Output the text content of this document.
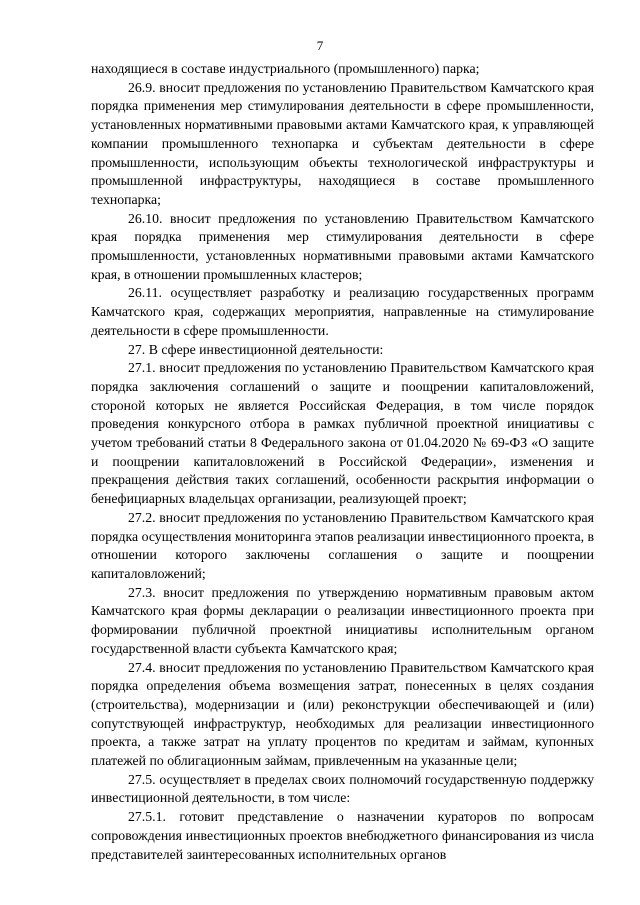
7

находящиеся в составе индустриального (промышленного) парка;

26.9. вносит предложения по установлению Правительством Камчатского края порядка применения мер стимулирования деятельности в сфере промышленности, установленных нормативными правовыми актами Камчатского края, к управляющей компании промышленного технопарка и субъектам деятельности в сфере промышленности, использующим объекты технологической инфраструктуры и промышленной инфраструктуры, находящиеся в составе промышленного технопарка;

26.10. вносит предложения по установлению Правительством Камчатского края порядка применения мер стимулирования деятельности в сфере промышленности, установленных нормативными правовыми актами Камчатского края, в отношении промышленных кластеров;

26.11. осуществляет разработку и реализацию государственных программ Камчатского края, содержащих мероприятия, направленные на стимулирование деятельности в сфере промышленности.

27. В сфере инвестиционной деятельности:

27.1. вносит предложения по установлению Правительством Камчатского края порядка заключения соглашений о защите и поощрении капиталовложений, стороной которых не является Российская Федерация, в том числе порядок проведения конкурсного отбора в рамках публичной проектной инициативы с учетом требований статьи 8 Федерального закона от 01.04.2020 № 69-ФЗ «О защите и поощрении капиталовложений в Российской Федерации», изменения и прекращения действия таких соглашений, особенности раскрытия информации о бенефициарных владельцах организации, реализующей проект;

27.2. вносит предложения по установлению Правительством Камчатского края порядка осуществления мониторинга этапов реализации инвестиционного проекта, в отношении которого заключены соглашения о защите и поощрении капиталовложений;

27.3. вносит предложения по утверждению нормативным правовым актом Камчатского края формы декларации о реализации инвестиционного проекта при формировании публичной проектной инициативы исполнительным органом государственной власти субъекта Камчатского края;

27.4. вносит предложения по установлению Правительством Камчатского края порядка определения объема возмещения затрат, понесенных в целях создания (строительства), модернизации и (или) реконструкции обеспечивающей и (или) сопутствующей инфраструктур, необходимых для реализации инвестиционного проекта, а также затрат на уплату процентов по кредитам и займам, купонных платежей по облигационным займам, привлеченным на указанные цели;

27.5. осуществляет в пределах своих полномочий государственную поддержку инвестиционной деятельности, в том числе:

27.5.1. готовит представление о назначении кураторов по вопросам сопровождения инвестиционных проектов внебюджетного финансирования из числа представителей заинтересованных исполнительных органов
